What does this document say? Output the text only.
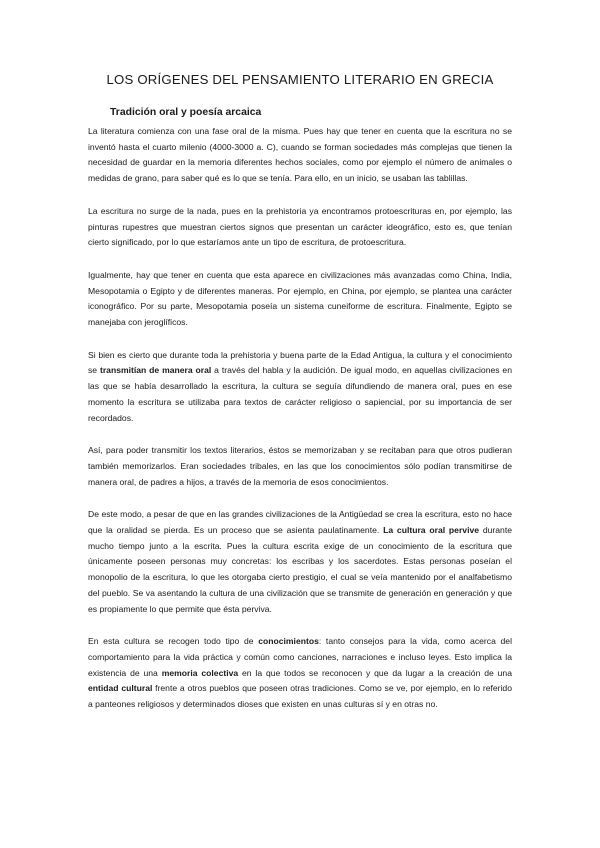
LOS ORÍGENES DEL PENSAMIENTO LITERARIO EN GRECIA
Tradición oral y poesía arcaica

La literatura comienza con una fase oral de la misma. Pues hay que tener en cuenta que la escritura no se inventó hasta el cuarto milenio (4000-3000 a. C), cuando se forman sociedades más complejas que tienen la necesidad de guardar en la memoria diferentes hechos sociales, como por ejemplo el número de animales o medidas de grano, para saber qué es lo que se tenía. Para ello, en un inicio, se usaban las tablillas.

La escritura no surge de la nada, pues en la prehistoria ya encontramos protoescrituras en, por ejemplo, las pinturas rupestres que muestran ciertos signos que presentan un carácter ideográfico, esto es, que tenían cierto significado, por lo que estaríamos ante un tipo de escritura, de protoescritura.

Igualmente, hay que tener en cuenta que esta aparece en civilizaciones más avanzadas como China, India, Mesopotamia o Egipto y de diferentes maneras. Por ejemplo, en China, por ejemplo, se plantea una carácter iconográfico. Por su parte, Mesopotamia poseía un sistema cuneiforme de escritura. Finalmente, Egipto se manejaba con jeroglíficos.

Si bien es cierto que durante toda la prehistoria y buena parte de la Edad Antigua, la cultura y el conocimiento se transmitían de manera oral a través del habla y la audición. De igual modo, en aquellas civilizaciones en las que se había desarrollado la escritura, la cultura se seguía difundiendo de manera oral, pues en ese momento la escritura se utilizaba para textos de carácter religioso o sapiencial, por su importancia de ser recordados.

Así, para poder transmitir los textos literarios, éstos se memorizaban y se recitaban para que otros pudieran también memorizarlos. Eran sociedades tribales, en las que los conocimientos sólo podían transmitirse de manera oral, de padres a hijos, a través de la memoria de esos conocimientos.

De este modo, a pesar de que en las grandes civilizaciones de la Antigüedad se crea la escritura, esto no hace que la oralidad se pierda. Es un proceso que se asienta paulatinamente. La cultura oral pervive durante mucho tiempo junto a la escrita. Pues la cultura escrita exige de un conocimiento de la escritura que únicamente poseen personas muy concretas: los escribas y los sacerdotes. Estas personas poseían el monopolio de la escritura, lo que les otorgaba cierto prestigio, el cual se veía mantenido por el analfabetismo del pueblo. Se va asentando la cultura de una civilización que se transmite de generación en generación y que es propiamente lo que permite que ésta perviva.

En esta cultura se recogen todo tipo de conocimientos: tanto consejos para la vida, como acerca del comportamiento para la vida práctica y común como canciones, narraciones e incluso leyes. Esto implica la existencia de una memoria colectiva en la que todos se reconocen y que da lugar a la creación de una entidad cultural frente a otros pueblos que poseen otras tradiciones. Como se ve, por ejemplo, en lo referido a panteones religiosos y determinados dioses que existen en unas culturas sí y en otras no.
